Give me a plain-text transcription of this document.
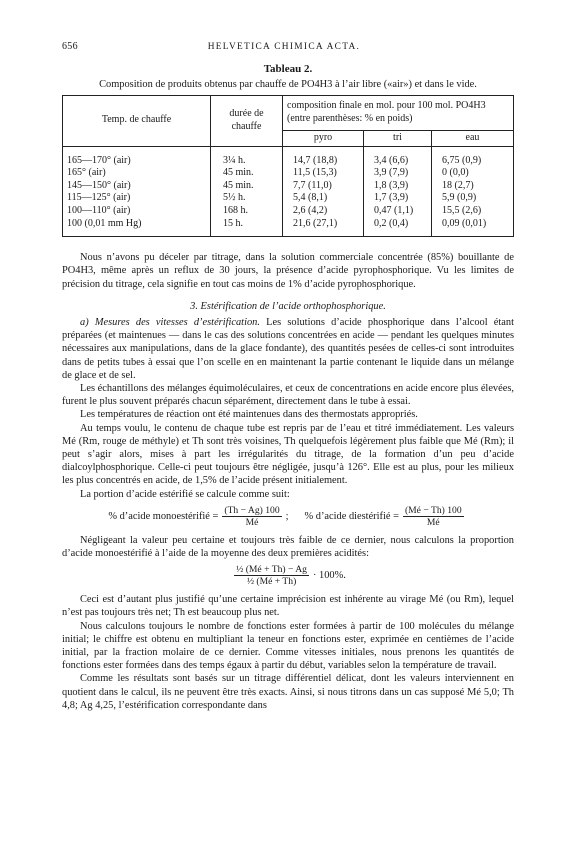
656	HELVETICA CHIMICA ACTA.
Tableau 2.
Composition de produits obtenus par chauffe de PO4H3 à l’air libre («air») et dans le vide.
Temp. de chauffe	durée de chauffe	composition finale en mol. pour 100 mol. PO4H3 (entre parenthèses: % en poids)		
		pyro	tri	eau
165—170° (air)	3¼ h.	14,7 (18,8)	3,4 (6,6)	6,75 (0,9)
165° (air)	45 min.	11,5 (15,3)	3,9 (7,9)	0 (0,0)
145—150° (air)	45 min.	7,7 (11,0)	1,8 (3,9)	18 (2,7)
115—125° (air)	5½ h.	5,4 (8,1)	1,7 (3,9)	5,9 (0,9)
100—110° (air)	168 h.	2,6 (4,2)	0,47 (1,1)	15,5 (2,6)
100 (0,01 mm Hg)	15 h.	21,6 (27,1)	0,2 (0,4)	0,09 (0,01)

Nous n’avons pu déceler par titrage, dans la solution commerciale concentrée (85%) bouillante de PO4H3, même après un reflux de 30 jours, la présence d’acide pyrophosphorique. Vu les limites de précision du titrage, cela signifie en tout cas moins de 1% d’acide pyrophosphorique.

3. Estérification de l’acide orthophosphorique.

a) Mesures des vitesses d’estérification. Les solutions d’acide phosphorique dans l’alcool étant préparées (et maintenues — dans le cas des solutions concentrées en acide — pendant les quelques minutes nécessaires aux manipulations, dans de la glace fondante), des quantités pesées de celles-ci sont introduites dans de petits tubes à essai que l’on scelle en en maintenant la partie contenant le liquide dans un mélange de glace et de sel.

Les échantillons des mélanges équimoléculaires, et ceux de concentrations en acide encore plus élevées, furent le plus souvent préparés chacun séparément, directement dans le tube à essai.

Les températures de réaction ont été maintenues dans des thermostats appropriés.

Au temps voulu, le contenu de chaque tube est repris par de l’eau et titré immédiatement. Les valeurs Mé (Rm, rouge de méthyle) et Th sont très voisines, Th quelquefois légèrement plus faible que Mé (Rm); il peut s’agir alors, mises à part les irrégularités du titrage, de la formation d’un peu d’acide dialcoylphosphorique. Celle-ci peut toujours être négligée, jusqu’à 126°. Elle est au plus, pour les milieux les plus concentrés en acide, de 1,5% de l’acide présent initialement.

La portion d’acide estérifié se calcule comme suit:

% d’acide monoestérifié = $\frac{(Th - Ag) 100}{Mé}$ ; % d’acide diestérifié = $\frac{(Mé - Th) 100}{Mé}$

Négligeant la valeur peu certaine et toujours très faible de ce dernier, nous calculons la proportion d’acide monoestérifié à l’aide de la moyenne des deux premières acidités:

$\frac{\text{½ (Mé + Th) − Ag}}{\text{½ (Mé + Th)}} \cdot 100\%$.

Ceci est d’autant plus justifié qu’une certaine imprécision est inhérente au virage Mé (ou Rm), lequel n’est pas toujours très net; Th est beaucoup plus net.

Nous calculons toujours le nombre de fonctions ester formées à partir de 100 molécules du mélange initial; le chiffre est obtenu en multipliant la teneur en fonctions ester, exprimée en centièmes de l’acide initial, par la fraction molaire de ce dernier. Comme vitesses initiales, nous prenons les quantités de fonctions ester formées dans des temps égaux à partir du début, variables selon la température de travail.

Comme les résultats sont basés sur un titrage différentiel délicat, dont les valeurs interviennent en quotient dans le calcul, ils ne peuvent être très exacts. Ainsi, si nous titrons dans un cas supposé Mé 5,0; Th 4,8; Ag 4,25, l’estérification correspondante dans
